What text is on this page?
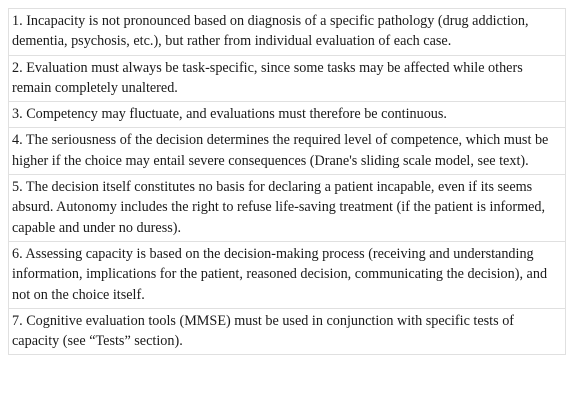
1. Incapacity is not pronounced based on diagnosis of a specific pathology (drug addiction, dementia, psychosis, etc.), but rather from individual evaluation of each case.
2. Evaluation must always be task-specific, since some tasks may be affected while others remain completely unaltered.
3. Competency may fluctuate, and evaluations must therefore be continuous.
4. The seriousness of the decision determines the required level of competence, which must be higher if the choice may entail severe consequences (Drane's sliding scale model, see text).
5. The decision itself constitutes no basis for declaring a patient incapable, even if its seems absurd. Autonomy includes the right to refuse life-saving treatment (if the patient is informed, capable and under no duress).
6. Assessing capacity is based on the decision-making process (receiving and understanding information, implications for the patient, reasoned decision, communicating the decision), and not on the choice itself.
7. Cognitive evaluation tools (MMSE) must be used in conjunction with specific tests of capacity (see “Tests” section).
